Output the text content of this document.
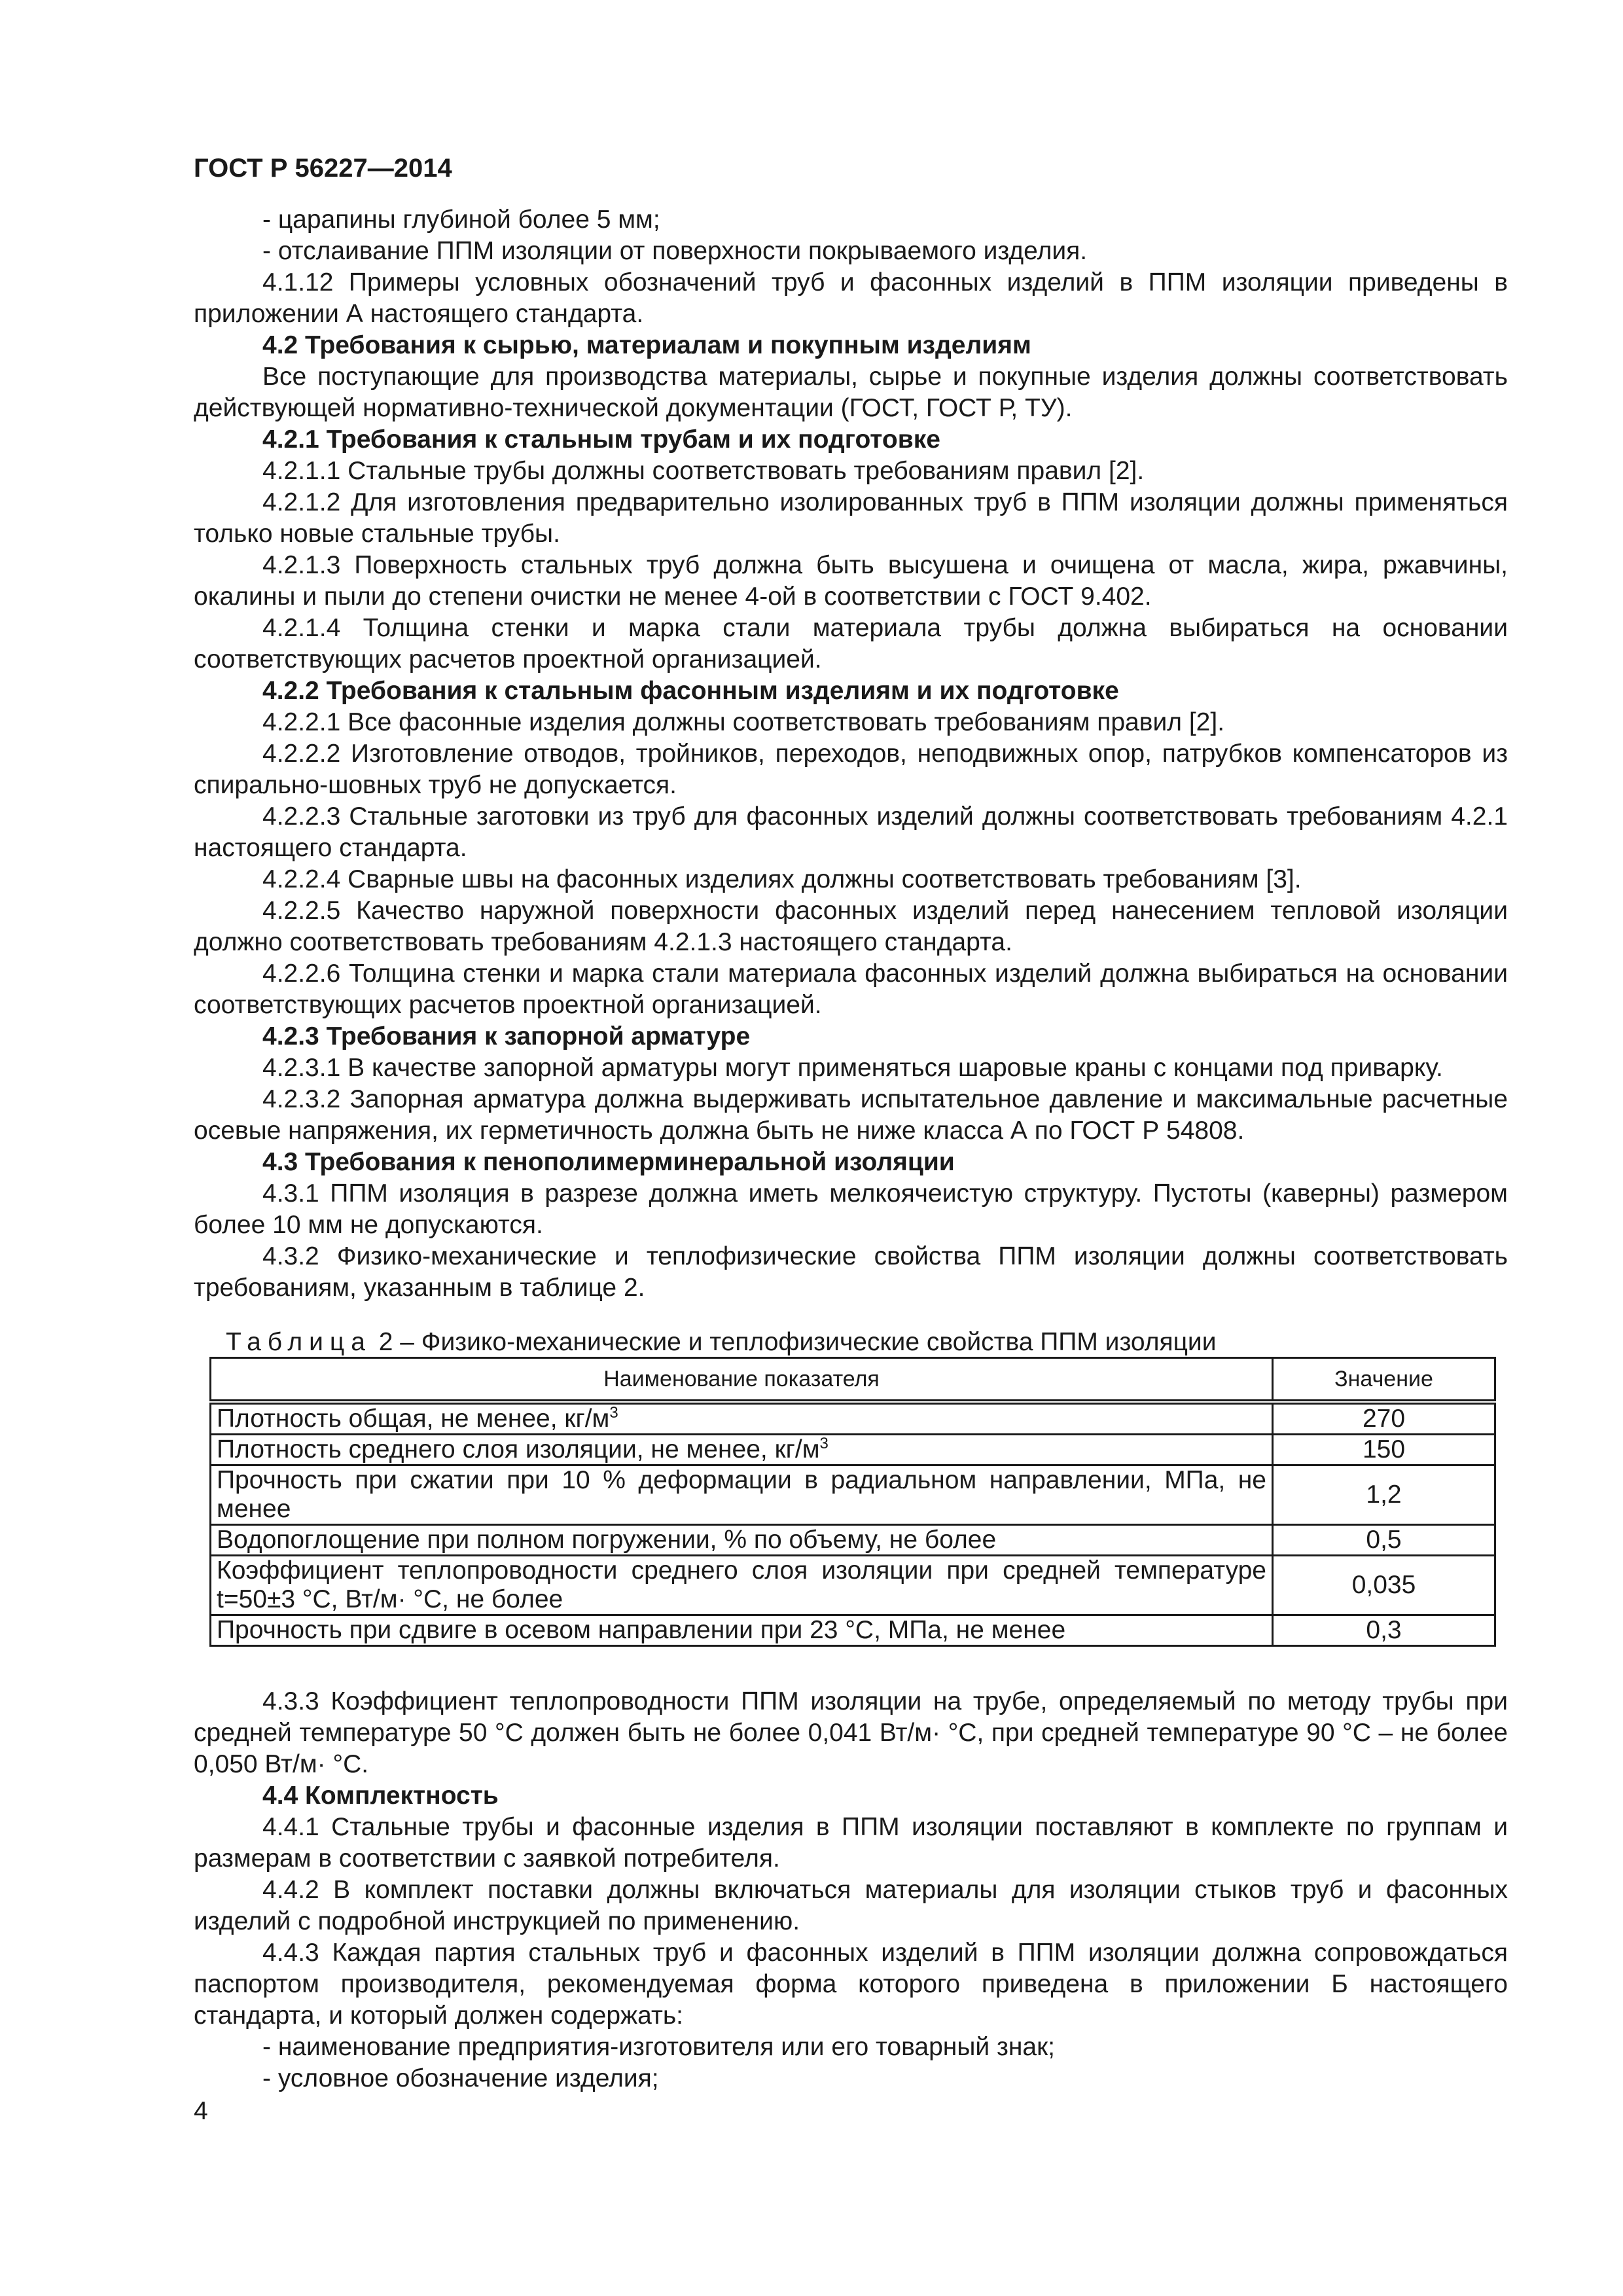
ГОСТ Р 56227—2014

- царапины глубиной более 5 мм;

- отслаивание ППМ изоляции от поверхности покрываемого изделия.

4.1.12 Примеры условных обозначений труб и фасонных изделий в ППМ изоляции приведены в приложении А настоящего стандарта.

4.2 Требования к сырью, материалам и покупным изделиям

Все поступающие для производства материалы, сырье и покупные изделия должны соответствовать действующей нормативно-технической документации (ГОСТ, ГОСТ Р, ТУ).

4.2.1 Требования к стальным трубам и их подготовке

4.2.1.1 Стальные трубы должны соответствовать требованиям правил [2].

4.2.1.2 Для изготовления предварительно изолированных труб в ППМ изоляции должны применяться только новые стальные трубы.

4.2.1.3 Поверхность стальных труб должна быть высушена и очищена от масла, жира, ржавчины, окалины и пыли до степени очистки не менее 4-ой в соответствии с ГОСТ 9.402.

4.2.1.4 Толщина стенки и марка стали материала трубы должна выбираться на основании соответствующих расчетов проектной организацией.

4.2.2 Требования к стальным фасонным изделиям и их подготовке

4.2.2.1 Все фасонные изделия должны соответствовать требованиям правил [2].

4.2.2.2 Изготовление отводов, тройников, переходов, неподвижных опор, патрубков компенсаторов из спирально-шовных труб не допускается.

4.2.2.3 Стальные заготовки из труб для фасонных изделий должны соответствовать требованиям 4.2.1 настоящего стандарта.

4.2.2.4 Сварные швы на фасонных изделиях должны соответствовать требованиям [3].

4.2.2.5 Качество наружной поверхности фасонных изделий перед нанесением тепловой изоляции должно соответствовать требованиям 4.2.1.3 настоящего стандарта.

4.2.2.6 Толщина стенки и марка стали материала фасонных изделий должна выбираться на основании соответствующих расчетов проектной организацией.

4.2.3 Требования к запорной арматуре

4.2.3.1 В качестве запорной арматуры могут применяться шаровые краны с концами под приварку.

4.2.3.2 Запорная арматура должна выдерживать испытательное давление и максимальные расчетные осевые напряжения, их герметичность должна быть не ниже класса А по ГОСТ Р 54808.

4.3 Требования к пенополимерминеральной изоляции

4.3.1 ППМ изоляция в разрезе должна иметь мелкоячеистую структуру. Пустоты (каверны) размером более 10 мм не допускаются.

4.3.2 Физико-механические и теплофизические свойства ППМ изоляции должны соответствовать требованиям, указанным в таблице 2.

Таблица 2 – Физико-механические и теплофизические свойства ППМ изоляции
Наименование показателя	Значение
Плотность общая, не менее, $кг/м^3$	270
Плотность среднего слоя изоляции, не менее, $кг/м^3$	150
Прочность при сжатии при 10 % деформации в радиальном направлении, МПа, не менее	1,2
Водопоглощение при полном погружении, % по объему, не более	0,5
Коэффициент теплопроводности среднего слоя изоляции при средней температуре t=50±3 °С, Вт/м· °С, не более	0,035
Прочность при сдвиге в осевом направлении при 23 °С, МПа, не менее	0,3

4.3.3 Коэффициент теплопроводности ППМ изоляции на трубе, определяемый по методу трубы при средней температуре 50 °С должен быть не более 0,041 Вт/м· °С, при средней температуре 90 °С – не более 0,050 Вт/м· °С.

4.4 Комплектность

4.4.1 Стальные трубы и фасонные изделия в ППМ изоляции поставляют в комплекте по группам и размерам в соответствии с заявкой потребителя.

4.4.2 В комплект поставки должны включаться материалы для изоляции стыков труб и фасонных изделий с подробной инструкцией по применению.

4.4.3 Каждая партия стальных труб и фасонных изделий в ППМ изоляции должна сопровождаться паспортом производителя, рекомендуемая форма которого приведена в приложении Б настоящего стандарта, и который должен содержать:

- наименование предприятия-изготовителя или его товарный знак;

- условное обозначение изделия;

4
